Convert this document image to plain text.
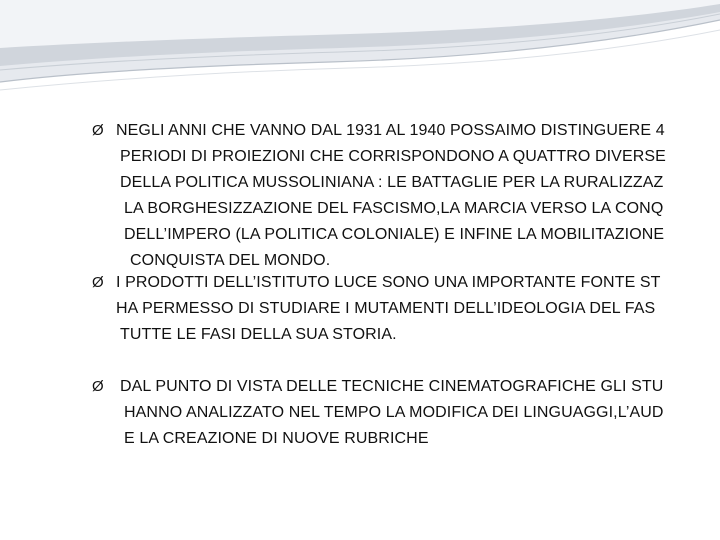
Ø NEGLI ANNI CHE VANNO DAL 1931 AL 1940 POSSAIMO DISTINGUERE 4
PERIODI DI PROIEZIONI CHE CORRISPONDONO A QUATTRO DIVERSE
DELLA POLITICA MUSSOLINIANA : LE BATTAGLIE PER LA RURALIZZAZ
LA BORGHESIZZAZIONE DEL FASCISMO,LA MARCIA VERSO LA CONQ
DELL’IMPERO (LA POLITICA COLONIALE) E INFINE LA MOBILITAZIONE
CONQUISTA DEL MONDO.
Ø I PRODOTTI DELL’ISTITUTO LUCE SONO UNA IMPORTANTE FONTE ST
HA PERMESSO DI STUDIARE I MUTAMENTI DELL’IDEOLOGIA DEL FAS
TUTTE LE FASI DELLA SUA STORIA.
Ø DAL PUNTO DI VISTA DELLE TECNICHE CINEMATOGRAFICHE GLI STU
HANNO ANALIZZATO NEL TEMPO LA MODIFICA DEI LINGUAGGI,L’AUD
E LA CREAZIONE DI NUOVE RUBRICHE
